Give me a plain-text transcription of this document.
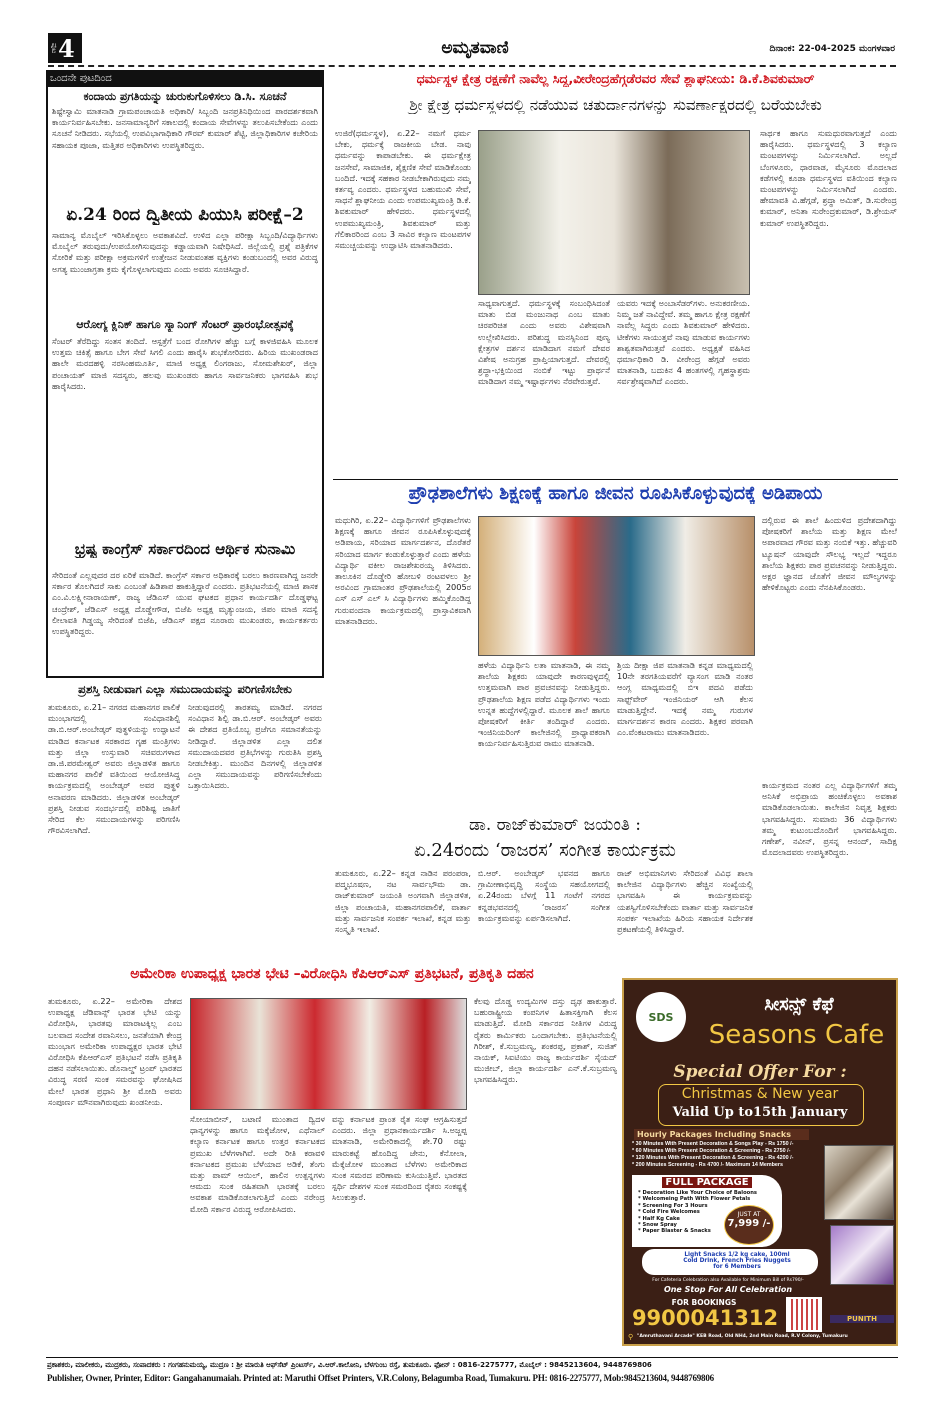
ಪುಟ 4	ಅಮೃತವಾಣಿ	ದಿನಾಂಕ: 22-04-2025 ಮಂಗಳವಾರ
ಒಂದನೇ ಪುಟದಿಂದ
ಕಂದಾಯ ಪ್ರಗತಿಯನ್ನು ಚುರುಕುಗೊಳಿಸಲು ಡಿ.ಸಿ. ಸೂಚನೆ
ಶಿಷ್ಟೇಸ್ವಾಮಿ ಮಾತನಾಡಿ ಗ್ರಾಮಪಂಚಾಯತಿ ಅಧಿಕಾರಿ/ ಸಿಬ್ಬಂದಿ ಜನಪ್ರತಿನಿಧಿಯಿಂದ ಪಾರದರ್ಶಕವಾಗಿ ಕಾರ್ಯನಿರ್ವಹಿಸಬೇಕು. ಜನಸಾಮಾನ್ಯರಿಗೆ ಸಕಾಲದಲ್ಲಿ ಕಂದಾಯ ಸೇವೆಗಳನ್ನು ತಲುಪಿಸಬೇಕೆಂದು ಎಂದು ಸೂಚನೆ ನೀಡಿದರು. ಸಭೆಯಲ್ಲಿ ಉಪವಿಭಾಗಾಧಿಕಾರಿ ಗೌರವ್ ಕುಮಾರ್ ಶೆಟ್ಟಿ, ಜಿಲ್ಲಾಧಿಕಾರಿಗಳ ಕಚೇರಿಯ ಸಹಾಯಕ ಪೂಜಾ, ಮತ್ತಿತರ ಅಧಿಕಾರಿಗಳು ಉಪಸ್ಥಿತರಿದ್ದರು.
ಏ.24 ರಿಂದ ದ್ವಿತೀಯ ಪಿಯುಸಿ ಪರೀಕ್ಷೆ–2
ಸಾಮಾನ್ಯ ಮೊಬೈಲ್ ಇರಿಸಿಕೊಳ್ಳಲು ಅವಕಾಶವಿದೆ. ಉಳಿದ ಎಲ್ಲಾ ಪರೀಕ್ಷಾ ಸಿಬ್ಬಂದಿ/ವಿದ್ಯಾರ್ಥಿಗಳು ಮೊಬೈಲ್ ತರುವುದು/ಉಪಯೋಗಿಸುವುದನ್ನು ಕಡ್ಡಾಯವಾಗಿ ನಿಷೇಧಿಸಿದೆ. ಜಿಲ್ಲೆಯಲ್ಲಿ ಪ್ರಶ್ನೆ ಪತ್ರಿಕೆಗಳ ಸೋರಿಕೆ ಮತ್ತು ಪರೀಕ್ಷಾ ಅಕ್ರಮಗಳಿಗೆ ಉತ್ತೇಜನ ನೀಡುವಂತಹ ವ್ಯಕ್ತಿಗಳು ಕಂಡುಬಂದಲ್ಲಿ ಅವರ ವಿರುದ್ಧ ಅಗತ್ಯ ಮುಂಜಾಗ್ರತಾ ಕ್ರಮ ಕೈಗೊಳ್ಳಲಾಗುವುದು ಎಂದು ಅವರು ಸೂಚಿಸಿದ್ದಾರೆ.
ಆರೋಗ್ಯ ಕ್ಲಿನಿಕ್ ಹಾಗೂ ಸ್ಕ್ಯಾನಿಂಗ್ ಸೆಂಟರ್ ಪ್ರಾರಂಭೋತ್ಸವಕ್ಕೆ
ಸೆಂಟರ್ ತೆರೆದಿದ್ದು ಸಂತಸ ತಂದಿದೆ. ಆಸ್ಪತ್ರೆಗೆ ಬಂದ ರೋಗಿಗಳ ಹೆಚ್ಚು ಬಗ್ಗೆ ಕಾಳಜಿವಹಿಸಿ ಮೂಲಕ ಉತ್ತಮ ಚಿಕಿತ್ಸೆ ಹಾಗೂ ಬೇಗ ಸೇವೆ ಸಿಗಲಿ ಎಂದು ಹಾರೈಸಿ ಶುಭಕೋರಿದರು. ಹಿರಿಯ ಮುಖಂಡರಾದ ಹಾಲೇ ಮರದಹಳ್ಳಿ ನರಸಿಂಹಮೂರ್ತಿ, ಮಾಜಿ ಅಧ್ಯಕ್ಷ ಲಿಂಗರಾಜು, ಸೋಮಶೇಖರ್, ಜಿಲ್ಲಾ ಪಂಚಾಯತ್ ಮಾಜಿ ಸದಸ್ಯರು, ಹಲವು ಮುಖಂಡರು ಹಾಗೂ ಸಾರ್ವಜನಿಕರು ಭಾಗವಹಿಸಿ ಶುಭ ಹಾರೈಸಿದರು.
ಭ್ರಷ್ಟ ಕಾಂಗ್ರೆಸ್ ಸರ್ಕಾರದಿಂದ ಆರ್ಥಿಕ ಸುನಾಮಿ
ಸೇರಿದಂತೆ ಎಲ್ಲವುದರ ದರ ಏರಿಕೆ ಮಾಡಿದೆ. ಕಾಂಗ್ರೆಸ್ ಸರ್ಕಾರ ಅಧಿಕಾರಕ್ಕೆ ಬರಲು ಕಾರಣವಾಗಿದ್ದ ಜನರೇ ಸರ್ಕಾರ ತೊಲಗಿದರೆ ಸಾಕು ಎಂಬಂತೆ ಹಿಡಿಶಾಪ ಹಾಕುತ್ತಿದ್ದಾರೆ ಎಂದರು. ಪ್ರತಿಭಟನೆಯಲ್ಲಿ ಮಾಜಿ ಶಾಸಕ ಎಂ.ವಿ.ಲಕ್ಷ್ಮೀನಾರಾಯಣ್, ರಾಜ್ಯ ಜೆಡಿಎಸ್ ಯುವ ಘಟಕದ ಪ್ರಧಾನ ಕಾರ್ಯದರ್ಶಿ ದೊಡ್ಡಘಟ್ಟ ಚಂದ್ರೇಶ್, ಜೆಡಿಎಸ್ ಅಧ್ಯಕ್ಷ ದೊಡ್ಡೇಗೌಡ, ಬಿಜೆಪಿ ಅಧ್ಯಕ್ಷ ಮೃತ್ಯುಂಜಯ, ಜಿಪಂ ಮಾಜಿ ಸದಸ್ಯೆ ಲೀಲಾವತಿ ಗಿಡ್ಡಯ್ಯ ಸೇರಿದಂತೆ ಬಿಜೆಪಿ, ಜೆಡಿಎಸ್ ಪಕ್ಷದ ನೂರಾರು ಮುಖಂಡರು, ಕಾರ್ಯಕರ್ತರು ಉಪಸ್ಥಿತರಿದ್ದರು.
ಪ್ರಶಸ್ತಿ ನೀಡುವಾಗ ಎಲ್ಲಾ ಸಮುದಾಯವನ್ನು ಪರಿಗಣಿಸಬೇಕು
ತುಮಕೂರು, ಏ.21– ನಗರದ ಮಹಾನಗರ ಪಾಲಿಕೆ ಮುಂಭಾಗದಲ್ಲಿ ಸಂವಿಧಾನಶಿಲ್ಪಿ ಡಾ.ಬಿ.ಆರ್.ಅಂಬೇಡ್ಕರ್ ಪುತ್ಥಳಿಯನ್ನು ಉದ್ಘಾಟನೆ ಮಾಡಿದ ಕರ್ನಾಟಕ ಸರಕಾರದ ಗೃಹ ಮಂತ್ರಿಗಳು ಮತ್ತು ಜಿಲ್ಲಾ ಉಸ್ತುವಾರಿ ಸಚಿವರುಗಳಾದ ಡಾ.ಜಿ.ಪರಮೇಶ್ವರ್ ಅವರು ಜಿಲ್ಲಾಡಳಿತ ಹಾಗೂ ಮಹಾನಗರ ಪಾಲಿಕೆ ವತಿಯಿಂದ ಆಯೋಜಿಸಿದ್ದ ಕಾರ್ಯಕ್ರಮದಲ್ಲಿ ಅಂಬೇಡ್ಕರ್ ಅವರ ಪುತ್ಥಳಿ ಅನಾವರಣ ಮಾಡಿದರು. ಜಿಲ್ಲಾಡಳಿತ ಅಂಬೇಡ್ಕರ್ ಪ್ರಶಸ್ತಿ ನೀಡುವ ಸಂದರ್ಭದಲ್ಲಿ ಪರಿಶಿಷ್ಟ ಜಾತಿಗೆ ಸೇರಿದ ಕೆಲ ಸಮುದಾಯಗಳನ್ನು ಪರಿಗಣಿಸಿ ಗೌರವಿಸಲಾಗಿದೆ.
ನೀಡುವುದರಲ್ಲಿ ತಾರತಮ್ಯ ಮಾಡಿದೆ. ನಗರದ ಸಂವಿಧಾನ ಶಿಲ್ಪಿ ಡಾ.ಬಿ.ಆರ್. ಅಂಬೇಡ್ಕರ್ ಅವರು ಈ ದೇಶದ ಪ್ರತಿಯೊಬ್ಬ ಪ್ರಜೆಗೂ ಸಮಾನತೆಯನ್ನು ನೀಡಿದ್ದಾರೆ. ಜಿಲ್ಲಾಡಳಿತ ಎಲ್ಲಾ ದಲಿತ ಸಮುದಾಯದವರ ಪ್ರತಿಭೆಗಳನ್ನು ಗುರುತಿಸಿ ಪ್ರಶಸ್ತಿ ನೀಡಬೇಕಿತ್ತು. ಮುಂದಿನ ದಿನಗಳಲ್ಲಿ ಜಿಲ್ಲಾಡಳಿತ ಎಲ್ಲಾ ಸಮುದಾಯವನ್ನು ಪರಿಗಣಿಸಬೇಕೆಂದು ಒತ್ತಾಯಿಸಿದರು.
ಧರ್ಮಸ್ಥಳ ಕ್ಷೇತ್ರ ರಕ್ಷಣೆಗೆ ನಾವೆಲ್ಲ ಸಿದ್ಧ,ವೀರೇಂದ್ರಹೆಗ್ಗಡೆರವರ ಸೇವೆ ಶ್ಲಾಘನೀಯ: ಡಿ.ಕೆ.ಶಿವಕುಮಾರ್
ಶ್ರೀ ಕ್ಷೇತ್ರ ಧರ್ಮಸ್ಥಳದಲ್ಲಿ ನಡೆಯುವ ಚತುರ್ದಾನಗಳನ್ನು ಸುವರ್ಣಾಕ್ಷರದಲ್ಲಿ ಬರೆಯಬೇಕು
ಉಜಿರೆ(ಧರ್ಮಸ್ಥಳ), ಏ.22– ನಮಗೆ ಧರ್ಮ ಬೇಕು, ಧರ್ಮಕ್ಕೆ ರಾಜಕೀಯ ಬೇಡ. ನಾವು ಧರ್ಮವನ್ನು ಕಾಪಾಡಬೇಕು. ಈ ಧರ್ಮಕ್ಷೇತ್ರ ಜನಸೇವೆ, ಸಾಮಾಜಿಕ, ಶೈಕ್ಷಣಿಕ ಸೇವೆ ಮಾಡಿಕೊಂಡು ಬಂದಿದೆ. ಇದಕ್ಕೆ ಸಹಕಾರ ನೀಡಬೇಕಾಗಿರುವುದು ನಮ್ಮ ಕರ್ತವ್ಯ ಎಂದರು. ಧರ್ಮಸ್ಥಳದ ಬಹುಮುಖಿ ಸೇವೆ, ಸಾಧನೆ ಶ್ಲಾಘನೀಯ ಎಂದು ಉಪಮುಖ್ಯಮಂತ್ರಿ ಡಿ.ಕೆ. ಶಿವಕುಮಾರ್ ಹೇಳಿದರು. ಧರ್ಮಸ್ಥಳದಲ್ಲಿ ಉಪಮುಖ್ಯಮಂತ್ರಿ, ಶಿವಕುಮಾರ್ ಮತ್ತು ಗೆಲಿಕಾರರಿಂದ ಎಂಬ 3 ಸಾವಿರ ಕಲ್ಯಾಣ ಮಂಟಪಗಳ ಸಮುಚ್ಚಯವನ್ನು ಉದ್ಘಾಟಿಸಿ ಮಾತನಾಡಿದರು.
ಸಾಧ್ಯವಾಗುತ್ತದೆ. ಧರ್ಮಸ್ಥಳಕ್ಕೆ ಸಂಬಂಧಿಸಿದಂತೆ ಮಾತು ಬಿಡ ಮಂಜುನಾಥ ಎಂಬ ಮಾತು ಚಿರಪರಿಚಿತ ಎಂದು ಅವರು ವಿಶೇಷವಾಗಿ ಉಲ್ಲೇಖಿಸಿದರು. ಪರಿಶುದ್ಧ ಮನಸ್ಸಿನಿಂದ ಪುಣ್ಯ ಕ್ಷೇತ್ರಗಳ ದರ್ಶನ ಮಾಡಿದಾಗ ನಮಗೆ ದೇವರ ವಿಶೇಷ ಅನುಗ್ರಹ ಪ್ರಾಪ್ತಿಯಾಗುತ್ತದೆ. ದೇವರಲ್ಲಿ ಶ್ರದ್ಧಾ-ಭಕ್ತಿಯಿಂದ ನಂಬಿಕೆ ಇಟ್ಟು ಪ್ರಾರ್ಥನೆ ಮಾಡಿದಾಗ ನಮ್ಮ ಇಷ್ಟಾರ್ಥಗಳು ನೆರವೇರುತ್ತವೆ.
ಯವರು ಇದಕ್ಕೆ ಅಂಬಾಸೆಡರ್‌ಗಳು. ಅನುಕರಣೀಯ. ನಿಮ್ಮ ಜತೆ ನಾವಿದ್ದೇವೆ. ತಮ್ಮ ಹಾಗೂ ಕ್ಷೇತ್ರ ರಕ್ಷಣೆಗೆ ನಾವೆಲ್ಲ ಸಿದ್ಧರು ಎಂದು ಶಿವಕುಮಾರ್ ಹೇಳಿದರು. ಟೀಕೆಗಳು ಸಾಯುತ್ತವೆ ನಾವು ಮಾಡುವ ಕಾರ್ಯಗಳು ಶಾಶ್ವತವಾಗಿರುತ್ತವೆ ಎಂದರು. ಅಧ್ಯಕ್ಷತೆ ವಹಿಸಿದ ಧರ್ಮಾಧಿಕಾರಿ ಡಿ. ವೀರೇಂದ್ರ ಹೆಗ್ಗಡೆ ಅವರು ಮಾತನಾಡಿ, ಬದುಕಿನ 4 ಹಂತಗಳಲ್ಲಿ ಗೃಹಸ್ಥಾಶ್ರಮ ಸರ್ವಶ್ರೇಷ್ಠವಾಗಿದೆ ಎಂದರು.
ಸಾರ್ಥಕ ಹಾಗೂ ಸುಮಧುರವಾಗುತ್ತದೆ ಎಂದು ಹಾರೈಸಿದರು. ಧರ್ಮಸ್ಥಳದಲ್ಲಿ 3 ಕಲ್ಯಾಣ ಮಂಟಪಗಳನ್ನು ನಿರ್ಮಿಸಲಾಗಿದೆ. ಅಲ್ಲದೆ ಬೆಂಗಳೂರು, ಧಾರವಾಡ, ಮೈಸೂರು ಮೊದಲಾದ ಕಡೆಗಳಲ್ಲಿ ಕೂಡಾ ಧರ್ಮಸ್ಥಳದ ವತಿಯಿಂದ ಕಲ್ಯಾಣ ಮಂಟಪಗಳನ್ನು ನಿರ್ಮಿಸಲಾಗಿದೆ ಎಂದರು. ಹೇಮಾವತಿ ವಿ.ಹೆಗ್ಗಡೆ, ಶ್ರದ್ಧಾ ಅಮಿತ್, ಡಿ.ಸುರೇಂದ್ರ ಕುಮಾರ್, ಅನಿತಾ ಸುರೇಂದ್ರಕುಮಾರ್, ಡಿ.ಶ್ರೇಯಸ್ ಕುಮಾರ್ ಉಪಸ್ಥಿತರಿದ್ದರು.
ಪ್ರೌಢಶಾಲೆಗಳು ಶಿಕ್ಷಣಕ್ಕೆ ಹಾಗೂ ಜೀವನ ರೂಪಿಸಿಕೊಳ್ಳುವುದಕ್ಕೆ ಅಡಿಪಾಯ
ಮಧುಗಿರಿ, ಏ.22– ವಿದ್ಯಾರ್ಥಿಗಳಿಗೆ ಪ್ರೌಢಶಾಲೆಗಳು ಶಿಕ್ಷಣಕ್ಕೆ ಹಾಗೂ ಜೀವನ ರೂಪಿಸಿಕೊಳ್ಳುವುದಕ್ಕೆ ಅಡಿಪಾಯ, ಸರಿಯಾದ ಮಾರ್ಗದರ್ಶನ, ದೊರೆತರೆ ಸರಿಯಾದ ಮಾರ್ಗ ಕಂಡುಕೊಳ್ಳುತ್ತಾರೆ ಎಂದು ಹಳೆಯ ವಿದ್ಯಾರ್ಥಿ ವಕೀಲ ರಾಜಶೇಖರಯ್ಯ ತಿಳಿಸಿದರು. ತಾಲೂಕಿನ ದೊಡ್ಡೇರಿ ಹೋಬಳಿ ರಂಟವಳಲು ಶ್ರೀ ಅರವಿಂದ ಗ್ರಾಮಾಂತರ ಪ್ರೌಢಶಾಲೆಯಲ್ಲಿ 2005ರ ಎಸ್ ಎಸ್ ಎಲ್ ಸಿ ವಿದ್ಯಾರ್ಥಿಗಳು ಹಮ್ಮಿಕೊಂಡಿದ್ದ ಗುರುವಂದನಾ ಕಾರ್ಯಕ್ರಮದಲ್ಲಿ ಪ್ರಾಸ್ತಾವಿಕವಾಗಿ ಮಾತನಾಡಿದರು.
ಹಳೆಯ ವಿದ್ಯಾರ್ಥಿನಿ ಲತಾ ಮಾತನಾಡಿ, ಈ ನಮ್ಮ ಶಾಲೆಯ ಶಿಕ್ಷಕರು ಯಾವುದೇ ಕಾರಣವುಳ್ಳದಲ್ಲಿ ಉತ್ತಮವಾಗಿ ಪಾಠ ಪ್ರವಚನವನ್ನು ನೀಡುತ್ತಿದ್ದರು. ಪ್ರೌಢಶಾಲೆಯ ಶಿಕ್ಷಣ ಪಡೆದ ವಿದ್ಯಾರ್ಥಿಗಳು ಇಂದು ಉನ್ನತ ಹುದ್ದೆಗಳಲ್ಲಿದ್ದಾರೆ. ಮೂಲಕ ಶಾಲೆ ಹಾಗೂ ಪೋಷಕರಿಗೆ ಕೀರ್ತಿ ತಂದಿದ್ದಾರೆ ಎಂದರು. ಇಂಜಿನಿಯರಿಂಗ್ ಕಾಲೇಜಿನಲ್ಲಿ ಪ್ರಾಧ್ಯಾಪಕರಾಗಿ ಕಾರ್ಯನಿರ್ವಹಿಸುತ್ತಿರುವ ರಾಮು ಮಾತನಾಡಿ.
ಶ್ರಿಯ ದೀಕ್ಷಾ ಜಿಪ ಮಾತನಾಡಿ ಕನ್ನಡ ಮಾಧ್ಯಮದಲ್ಲಿ 10ನೇ ತರಗತಿಯವರೆಗೆ ವ್ಯಾಸಂಗ ಮಾಡಿ ನಂತರ ಆಂಗ್ಲ ಮಾಧ್ಯಮದಲ್ಲಿ ಬಿಇ ಪದವಿ ಪಡೆದು ಸಾಫ್ಟ್‌ವೇರ್ ಇಂಜಿನಿಯರ್ ಆಗಿ ಕೆಲಸ ಮಾಡುತ್ತಿದ್ದೇನೆ. ಇದಕ್ಕೆ ನಮ್ಮ ಗುರುಗಳ ಮಾರ್ಗದರ್ಶನ ಕಾರಣ ಎಂದರು. ಶಿಕ್ಷಕರ ಪರವಾಗಿ ಎಂ.ವೆಂಕಟರಾಮು ಮಾತನಾಡಿದರು.
ದಲ್ಲಿರುವ ಈ ಶಾಲೆ ಹಿಂದುಳಿದ ಪ್ರದೇಶದಾಗಿದ್ದು ಪೋಷಕರಿಗೆ ಶಾಲೆಯ ಮತ್ತು ಶಿಕ್ಷಣ ಮೇಲೆ ಅಪಾರವಾದ ಗೌರವ ಮತ್ತು ನಂಬಿಕೆ ಇತ್ತು. ಹೆಚ್ಚುವರಿ ಟ್ಯೂಷನ್ ಯಾವುದೇ ಸೌಲಭ್ಯ ಇಲ್ಲದೆ ಇದ್ದರೂ ಶಾಲೆಯ ಶಿಕ್ಷಕರು ಪಾಠ ಪ್ರವಚನವನ್ನು ನೀಡುತ್ತಿದ್ದರು. ಅಕ್ಷರ ಜ್ಞಾನದ ಜೊತೆಗೆ ಜೀವನ ಮೌಲ್ಯಗಳನ್ನು ಹೇಳಿಕೊಟ್ಟರು ಎಂದು ನೆನಪಿಸಿಕೊಂಡರು.
ಡಾ. ರಾಜ್‌ಕುಮಾರ್ ಜಯಂತಿ :
ಏ.24ರಂದು ‘ರಾಜರಸ’ ಸಂಗೀತ ಕಾರ್ಯಕ್ರಮ
ತುಮಕೂರು, ಏ.22– ಕನ್ನಡ ನಾಡಿನ ಪರಂಪರಾ, ಪದ್ಮಭೂಷಣ, ನಟ ಸಾರ್ವಭೌಮ ಡಾ. ರಾಜ್‌ಕುಮಾರ್ ಜಯಂತಿ ಅಂಗವಾಗಿ ಜಿಲ್ಲಾಡಳಿತ, ಜಿಲ್ಲಾ ಪಂಚಾಯತಿ, ಮಹಾನಗರಪಾಲಿಕೆ, ವಾರ್ತಾ ಮತ್ತು ಸಾರ್ವಜನಿಕ ಸಂಪರ್ಕ ಇಲಾಖೆ, ಕನ್ನಡ ಮತ್ತು ಸಂಸ್ಕೃತಿ ಇಲಾಖೆ.
ಬಿ.ಆರ್. ಅಂಬೇಡ್ಕರ್ ಭವನದ ಹಾಗೂ ಗ್ರಾಮೀಣಾಭಿವೃದ್ಧಿ ಸಂಸ್ಥೆಯ ಸಹಯೋಗದಲ್ಲಿ ಏ.24ರಂದು ಬೆಳಗ್ಗೆ 11 ಗಂಟೆಗೆ ನಗರದ ಕನ್ನಡಭವನದಲ್ಲಿ ‘ರಾಜರಸ’ ಸಂಗೀತ ಕಾರ್ಯಕ್ರಮವನ್ನು ಏರ್ಪಡಿಸಲಾಗಿದೆ.
ರಾಜ್ ಅಭಿಮಾನಿಗಳು ಸೇರಿದಂತೆ ವಿವಿಧ ಶಾಲಾ ಕಾಲೇಜಿನ ವಿದ್ಯಾರ್ಥಿಗಳು ಹೆಚ್ಚಿನ ಸಂಖ್ಯೆಯಲ್ಲಿ ಭಾಗವಹಿಸಿ ಈ ಕಾರ್ಯಕ್ರಮವನ್ನು ಯಶಸ್ವಿಗೊಳಿಸಬೇಕೆಂದು ವಾರ್ತಾ ಮತ್ತು ಸಾರ್ವಜನಿಕ ಸಂಪರ್ಕ ಇಲಾಖೆಯ ಹಿರಿಯ ಸಹಾಯಕ ನಿರ್ದೇಶಕ ಪ್ರಕಟಣೆಯಲ್ಲಿ ತಿಳಿಸಿದ್ದಾರೆ.
ಕಾರ್ಯಕ್ರಮದ ನಂತರ ಎಲ್ಲ ವಿದ್ಯಾರ್ಥಿಗಳಿಗೆ ತಮ್ಮ ಅನಿಸಿಕೆ ಅಭಿಪ್ರಾಯ ಹಂಚಿಕೊಳ್ಳಲು ಅವಕಾಶ ಮಾಡಿಕೊಡಲಾಯಿತು. ಕಾಲೇಜಿನ ನಿವೃತ್ತ ಶಿಕ್ಷಕರು ಭಾಗವಹಿಸಿದ್ದರು. ಸುಮಾರು 36 ವಿದ್ಯಾರ್ಥಿಗಳು ತಮ್ಮ ಕುಟುಂಬದೊಂದಿಗೆ ಭಾಗವಹಿಸಿದ್ದರು. ಗಣೇಶ್, ನವೀನ್, ಪ್ರಸನ್ನ ಆನಂದ್, ಸಾದಿಕ್ಷ ಮೊದಲಾದವರು ಉಪಸ್ಥಿತರಿದ್ದರು.
ಅಮೇರಿಕಾ ಉಪಾಧ್ಯಕ್ಷ ಭಾರತ ಭೇಟಿ –ವಿರೋಧಿಸಿ ಕೆಪಿಆರ್‌ಎಸ್ ಪ್ರತಿಭಟನೆ, ಪ್ರತಿಕೃತಿ ದಹನ
ತುಮಕೂರು, ಏ.22– ಅಮೇರಿಕಾ ದೇಶದ ಉಪಾಧ್ಯಕ್ಷ ಜೆಡಿವಾನ್ಸ್ ಭಾರತ ಭೇಟಿ ಯನ್ನು ವಿರೋಧಿಸಿ, ಭಾರತವು ಮಾರಾಟಕ್ಕಿಲ್ಲ ಎಂಬ ಬಲವಾದ ಸಂದೇಶ ರವಾನಿಸಲು, ಜನತೆಯಾಗಿ ಕೇಂದ್ರ ಮುಂಭಾಗ ಅಮೇರಿಕಾ ಉಪಾಧ್ಯಕ್ಷರ ಭಾರತ ಭೇಟಿ ವಿರೋಧಿಸಿ ಕೆಪಿಆರ್‌ಎಸ್ ಪ್ರತಿಭಟನೆ ನಡೆಸಿ ಪ್ರತಿಕೃತಿ ದಹನ ನಡೆಸಲಾಯಿತು. ಡೊನಾಲ್ಡ್ ಟ್ರಂಪ್ ಭಾರತದ ವಿರುದ್ಧ ಸರಣಿ ಸುಂಕ ಸಮರವನ್ನು ಘೋಷಿಸಿದ ಮೇಲೆ ಭಾರತ ಪ್ರಧಾನಿ ಶ್ರೀ ಮೋದಿ ಅವರು ಸಂಪೂರ್ಣ ಮೌನವಾಗಿರುವುದು ಖಂಡನೀಯ.
ಸೋಯಾಬೀನ್, ಬಟಾಣಿ ಮುಂತಾದ ದ್ವಿದಳ ಧಾನ್ಯಗಳನ್ನು ಹಾಗೂ ಮಕ್ಕೆಜೋಳ, ಎಥೆನಾಲ್ ಕಲ್ಯಾಣ ಕರ್ನಾಟಕ ಹಾಗೂ ಉತ್ತರ ಕರ್ನಾಟಕದ ಪ್ರಮುಖ ಬೆಳೆಗಳಾಗಿವೆ. ಅದೇ ರೀತಿ ಕರಾವಳಿ ಕರ್ನಾಟಕದ ಪ್ರಮುಖ ಬೆಳೆಯಾದ ಅಡಿಕೆ, ತೆಂಗು ಮತ್ತು ಪಾಮ್ ಆಯಿಲ್, ಹಾಲಿನ ಉತ್ಪನ್ನಗಳು ಆಮದು ಸುಂಕ ರಹಿತವಾಗಿ ಭಾರತಕ್ಕೆ ಬರಲು ಅವಕಾಶ ಮಾಡಿಕೊಡಲಾಗುತ್ತಿದೆ ಎಂದು ನರೇಂದ್ರ ಮೋದಿ ಸರ್ಕಾರ ವಿರುದ್ಧ ಆರೋಪಿಸಿದರು.
ವನ್ನು ಕರ್ನಾಟಕ ಪ್ರಾಂತ ರೈತ ಸಂಘ ಆಗ್ರಹಿಸುತ್ತದೆ ಎಂದರು. ಜಿಲ್ಲಾ ಪ್ರಧಾನಕಾರ್ಯದರ್ಶಿ ಸಿ.ಅಜ್ಜಪ್ಪ ಮಾತನಾಡಿ, ಅಮೇರಿಕಾದಲ್ಲಿ ಶೇ.70 ರಷ್ಟು ಮಾರುಕಟ್ಟೆ ಹೊಂದಿದ್ದ ಜೇನು, ಕೆನೋಲಾ, ಮೆಕ್ಕೆಜೋಳ ಮುಂತಾದ ಬೆಳೆಗಳು ಅಮೇರಿಕಾದ ಸುಂಕ ಸಮರದ ಪರಿಣಾಮ ಕುಸಿಯುತ್ತಿವೆ. ಭಾರತದ ಸ್ಪರ್ಧಿ ದೇಶಗಳ ಸುಂಕ ಸಮರದಿಂದ ರೈತರು ಸಂಕಷ್ಟಕ್ಕೆ ಸಿಲುಕುತ್ತಾರೆ.
ಕೆಲವು ದೊಡ್ಡ ಉದ್ಯಮಿಗಳ ದಸ್ತು ದೃಢ ಹಾಕುತ್ತಾರೆ. ಬಹುರಾಷ್ಟ್ರೀಯ ಕಂಪನಿಗಳ ಹಿತಾಸಕ್ತಿಗಾಗಿ ಕೆಲಸ ಮಾಡುತ್ತಿದೆ. ಮೋದಿ ಸರ್ಕಾರದ ನೀತಿಗಳ ವಿರುದ್ಧ ರೈತರು ಕಾರ್ಮಿಕರು ಒಂದಾಗಬೇಕು. ಪ್ರತಿಭಟನೆಯಲ್ಲಿ ಗಿರೀಶ್, ಕೆ.ಸುಬ್ರಮಣ್ಯ, ಶಂಕರಪ್ಪ, ಪ್ರಕಾಶ್, ಸುಜಿತ್ ನಾಯಕ್, ಸಿಐಟಿಯು ರಾಜ್ಯ ಕಾರ್ಯದರ್ಶಿ ಸೈಯದ್ ಮುಜೀಬ್, ಜಿಲ್ಲಾ ಕಾರ್ಯದರ್ಶಿ ಎನ್.ಕೆ.ಸುಬ್ರಮಣ್ಯ ಭಾಗವಹಿಸಿದ್ದರು.
SDS
ಸೀಸನ್ಸ್ ಕೆಫೆ
Seasons Cafe
Special Offer For :
Christmas & New year
Valid Up to15th January
Hourly Packages Including Snacks
* 30 Minutes With Present Decoration & Songs Play - Rs 1750 /-
* 60 Minutes With Present Decoration & Screening - Rs 2750 /-
* 120 Minutes With Present Decoration & Screening - Rs 4200 /-
* 200 Minutes Screening - Rs 4700 /- Maximum 14 Members
FULL PACKAGE
* Decoration Like Your Choice of Baloons
* Welcomeing Path With Flower Petals
* Screening For 3 Hours
* Cold Fire Welcomes
* Half Kg Cake
* Snow Spray
* Paper Blaster & Snacks
JUST AT
7,999 /-
Light Snacks 1/2 kg cake, 100ml Cold Drink, French Fries Nuggets for 6 Members
For Cafeteria Celebration also Available for Minimum Bill of Rs790/-
One Stop For All Celebration
FOR BOOKINGS
9900041312	PUNITH
⚲ "Amruthavani Arcade" KEB Road, Old NH4, 2nd Main Road, R.V Colony, Tumakuru
ಪ್ರಕಾಶಕರು, ಮಾಲೀಕರು, ಮುದ್ರಕರು, ಸಂಪಾದಕರು : ಗಂಗಹನುಮಯ್ಯ, ಮುದ್ರಣ : ಶ್ರೀ ಮಾರುತಿ ಆಫ್‌ಸೆಟ್ ಪ್ರಿಂಟರ್ಸ್, ವಿ.ಆರ್.ಕಾಲೋನಿ, ಬೆಳಗುಂಬ ರಸ್ತೆ, ತುಮಕೂರು. ಫೋನ್ : 0816-2275777, ಮೊಬೈಲ್ : 9845213604, 9448769806
Publisher, Owner, Printer, Editor: Gangahanumaiah. Printed at: Maruthi Offset Printers, V.R.Colony, Belagumba Road, Tumakuru. PH: 0816-2275777, Mob:9845213604, 9448769806
